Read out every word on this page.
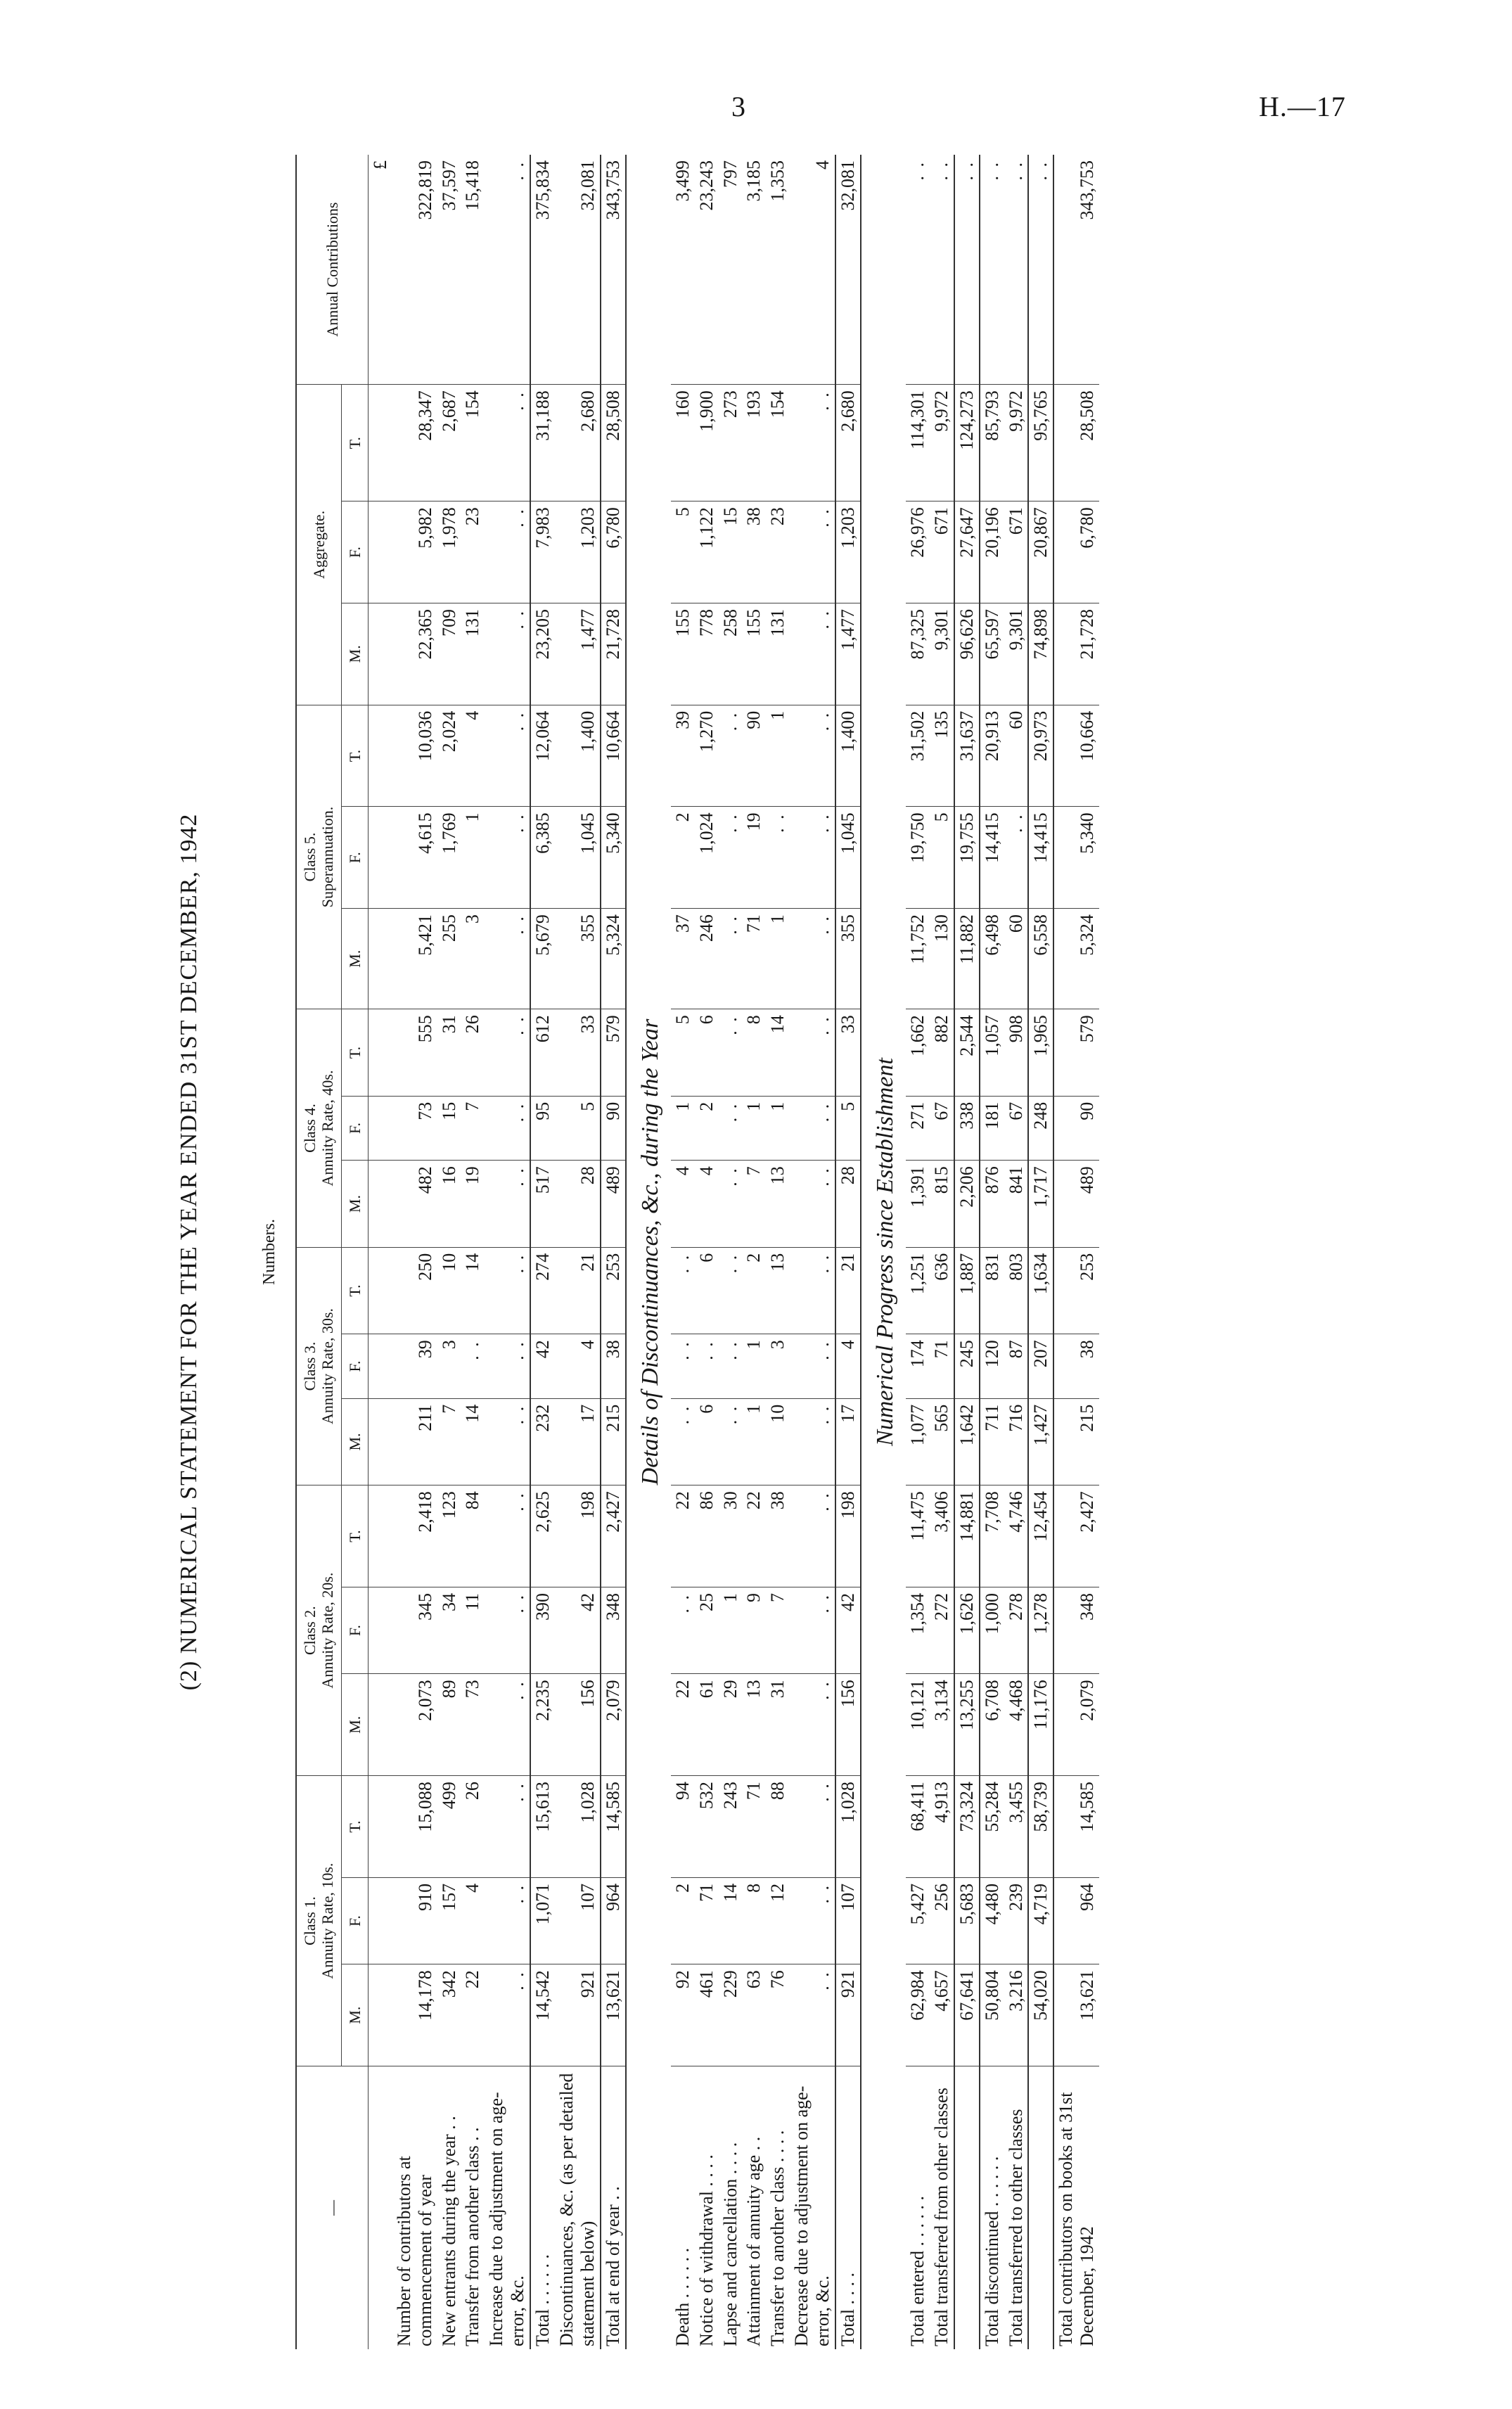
3	H.—17
(2) NUMERICAL STATEMENT FOR THE YEAR ENDED 31ST DECEMBER, 1942	Numbers.
—	Class 1.
Annuity Rate, 10s.			Class 2.
Annuity Rate, 20s.			Class 3.
Annuity Rate, 30s.			Class 4.
Annuity Rate, 40s.			Class 5.
Superannuation.			Aggregate.			Annual Contributions
	M.	F.	T.	M.	F.	T.	M.	F.	T.	M.	F.	T.	M.	F.	T.	M.	F.	T.	
																			£
Number of contributors at commencement of year	14,178	910	15,088	2,073	345	2,418	211	39	250	482	73	555	5,421	4,615	10,036	22,365	5,982	28,347	322,819
New entrants during the year . .	342	157	499	89	34	123	7	3	10	16	15	31	255	1,769	2,024	709	1,978	2,687	37,597
Transfer from another class . .	22	4	26	73	11	84	14	. .	14	19	7	26	3	1	4	131	23	154	15,418
Increase due to adjustment on age-error, &c.	. .	. .	. .	. .	. .	. .	. .	. .	. .	. .	. .	. .	. .	. .	. .	. .	. .	. .	. .
Total . . . . . .	14,542	1,071	15,613	2,235	390	2,625	232	42	274	517	95	612	5,679	6,385	12,064	23,205	7,983	31,188	375,834
Discontinuances, &c. (as per detailed statement below)	921	107	1,028	156	42	198	17	4	21	28	5	33	355	1,045	1,400	1,477	1,203	2,680	32,081
Total at end of year . .	13,621	964	14,585	2,079	348	2,427	215	38	253	489	90	579	5,324	5,340	10,664	21,728	6,780	28,508	343,753
Details of Discontinuances, &c., during the Year																			
Death . . . . . .	92	2	94	22	. .	22	. .	. .	. .	4	1	5	37	2	39	155	5	160	3,499
Notice of withdrawal . . . .	461	71	532	61	25	86	6	. .	6	4	2	6	246	1,024	1,270	778	1,122	1,900	23,243
Lapse and cancellation . . . .	229	14	243	29	1	30	. .	. .	. .	. .	. .	. .	. .	. .	. .	258	15	273	797
Attainment of annuity age . .	63	8	71	13	9	22	1	1	2	7	1	8	71	19	90	155	38	193	3,185
Transfer to another class . . . .	76	12	88	31	7	38	10	3	13	13	1	14	1	. .	1	131	23	154	1,353
Decrease due to adjustment on age-error, &c.	. .	. .	. .	. .	. .	. .	. .	. .	. .	. .	. .	. .	. .	. .	. .	. .	. .	. .	4
Total . . . .	921	107	1,028	156	42	198	17	4	21	28	5	33	355	1,045	1,400	1,477	1,203	2,680	32,081
Numerical Progress since Establishment																			
Total entered . . . . . .	62,984	5,427	68,411	10,121	1,354	11,475	1,077	174	1,251	1,391	271	1,662	11,752	19,750	31,502	87,325	26,976	114,301	. .
Total transferred from other classes	4,657	256	4,913	3,134	272	3,406	565	71	636	815	67	882	130	5	135	9,301	671	9,972	. .
	67,641	5,683	73,324	13,255	1,626	14,881	1,642	245	1,887	2,206	338	2,544	11,882	19,755	31,637	96,626	27,647	124,273	. .
Total discontinued . . . . . .	50,804	4,480	55,284	6,708	1,000	7,708	711	120	831	876	181	1,057	6,498	14,415	20,913	65,597	20,196	85,793	. .
Total transferred to other classes	3,216	239	3,455	4,468	278	4,746	716	87	803	841	67	908	60	. .	60	9,301	671	9,972	. .
	54,020	4,719	58,739	11,176	1,278	12,454	1,427	207	1,634	1,717	248	1,965	6,558	14,415	20,973	74,898	20,867	95,765	. .
Total contributors on books at 31st December, 1942	13,621	964	14,585	2,079	348	2,427	215	38	253	489	90	579	5,324	5,340	10,664	21,728	6,780	28,508	343,753
